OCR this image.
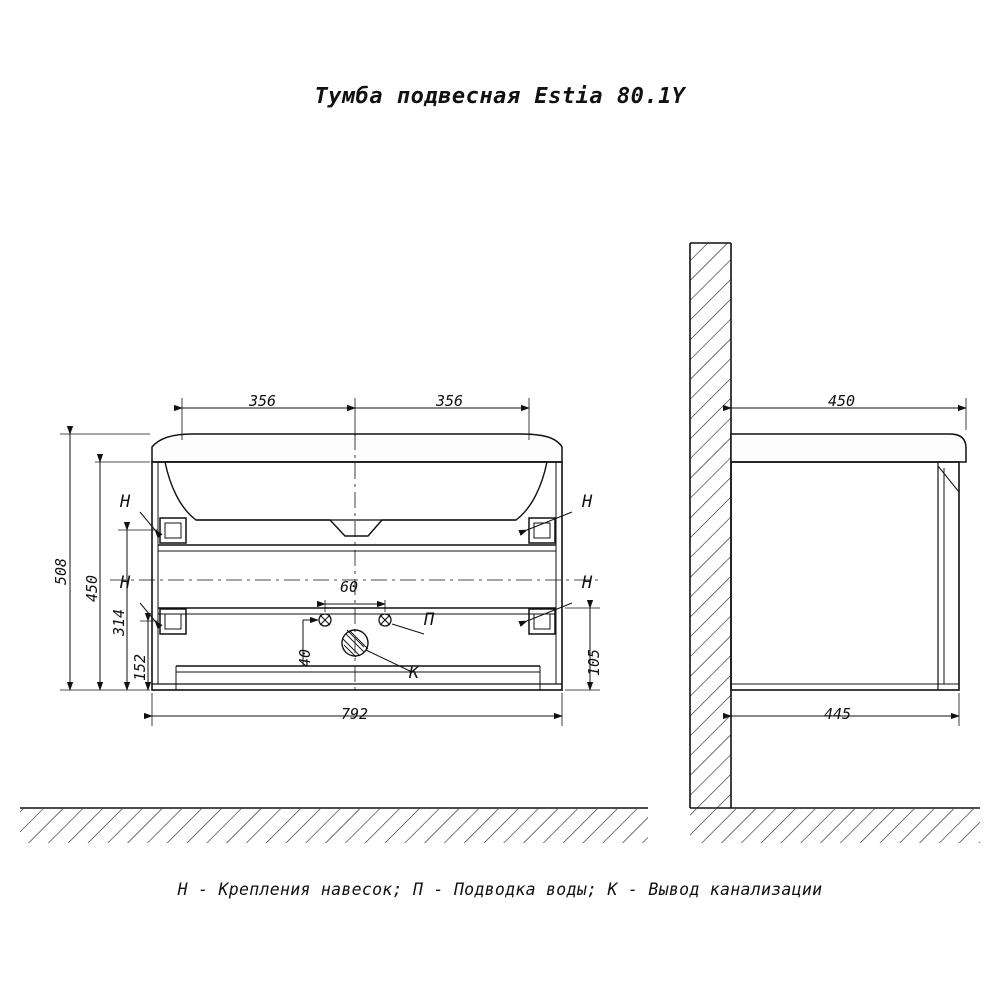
Тумба подвесная Estia 80.1Y
356	356
508
450
314
152	105
60
40
792
450
445
Н	Н
Н	Н
П
К
Н - Крепления навесок; П - Подводка воды; К - Вывод канализации
